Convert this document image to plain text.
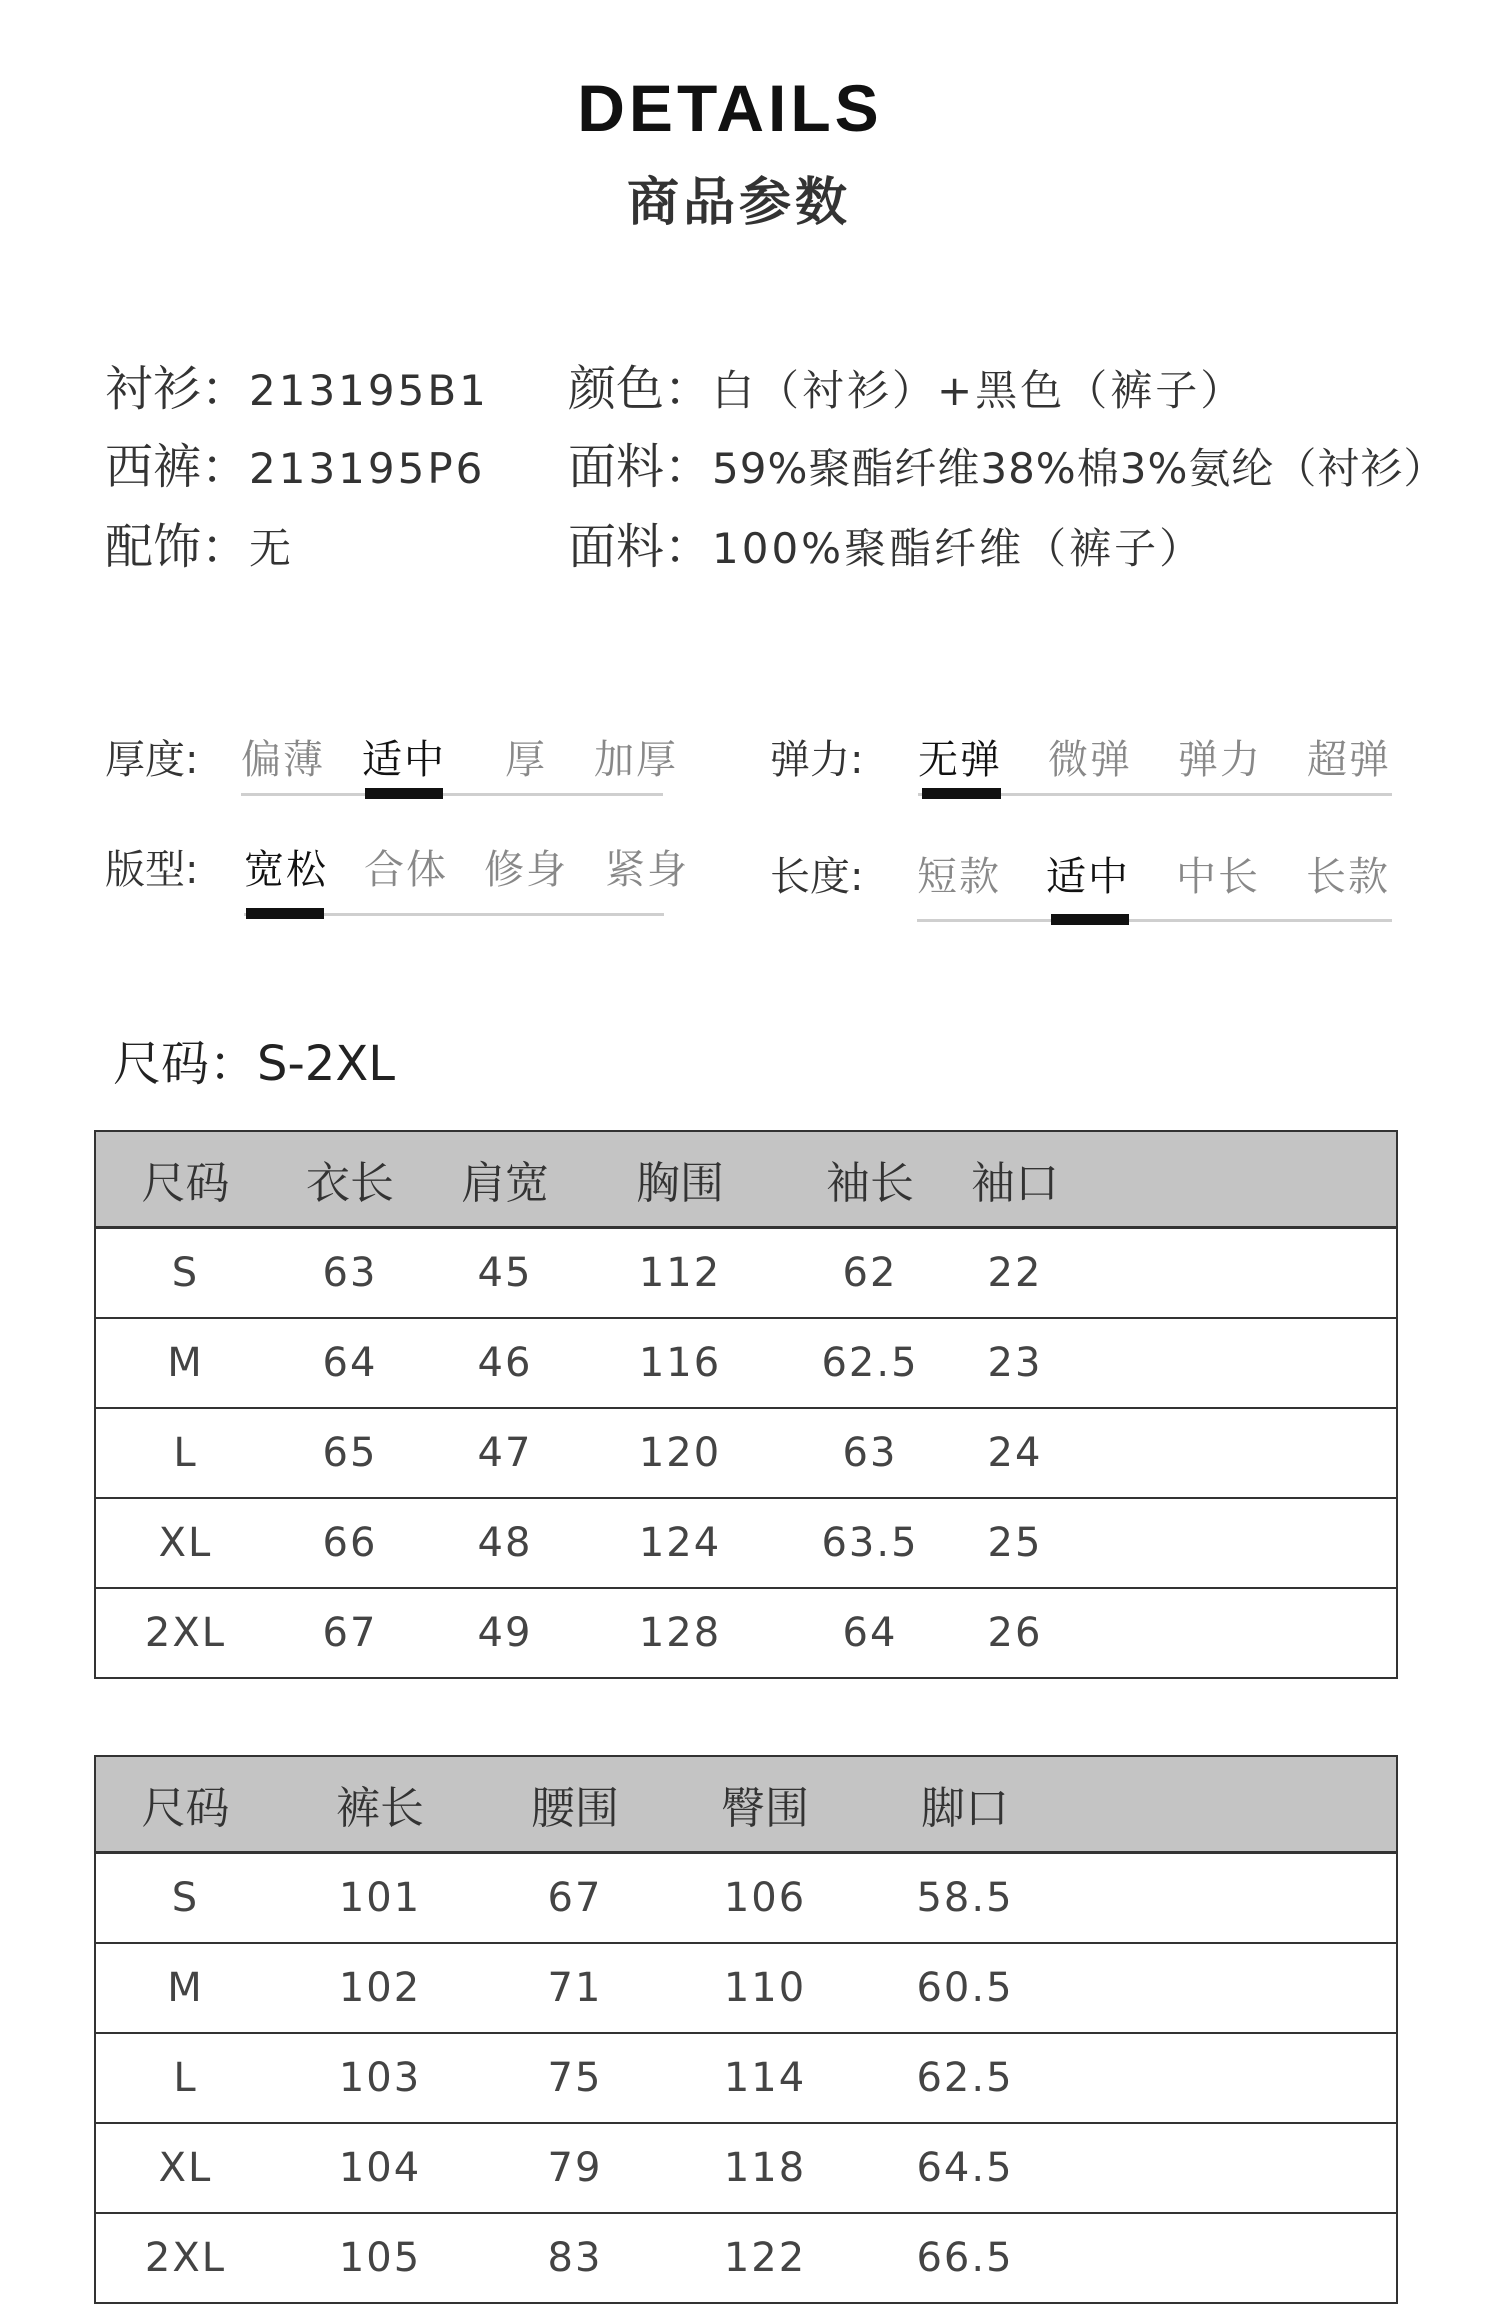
DETAILS
商品参数
衬衫：213195B1
西裤：213195P6
配饰：无
颜色：白（衬衫）+黑色（裤子）
面料：59%聚酯纤维38%棉3%氨纶（衬衫）
面料：100%聚酯纤维（裤子）
厚度: 偏薄 适中 厚 加厚 弹力: 无弹 微弹 弹力 超弹
版型: 宽松 合体 修身 紧身 长度: 短款 适中 中长 长款
尺码：S-2XL
尺码	衣长	肩宽	胸围	袖长	袖口	
S	63	45	112	62	22	
M	64	46	116	62.5	23	
L	65	47	120	63	24	
XL	66	48	124	63.5	25	
2XL	67	49	128	64	26	
尺码	裤长	腰围	臀围	脚口	
S	101	67	106	58.5	
M	102	71	110	60.5	
L	103	75	114	62.5	
XL	104	79	118	64.5	
2XL	105	83	122	66.5	
